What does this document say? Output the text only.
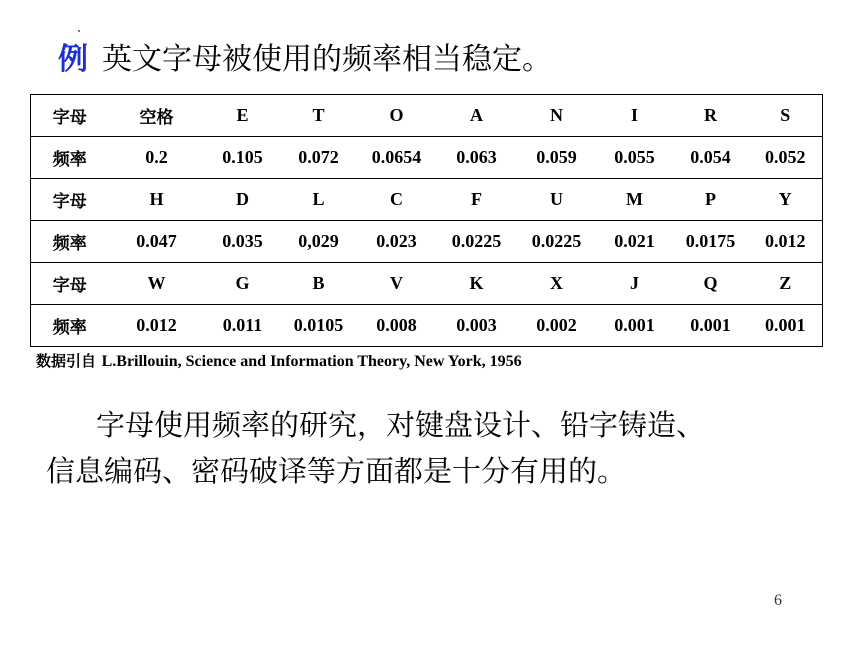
例 英文字母被使用的频率相当稳定。
字母	空格	E	T	O	A	N	I	R	S
频率	0.2	0.105	0.072	0.0654	0.063	0.059	0.055	0.054	0.052
字母	H	D	L	C	F	U	M	P	Y
频率	0.047	0.035	0,029	0.023	0.0225	0.0225	0.021	0.0175	0.012
字母	W	G	B	V	K	X	J	Q	Z
频率	0.012	0.011	0.0105	0.008	0.003	0.002	0.001	0.001	0.001
数据引自 L.Brillouin, Science and Information Theory, New York, 1956
字母使用频率的研究，对键盘设计、铅字铸造、
信息编码、密码破译等方面都是十分有用的。
6
